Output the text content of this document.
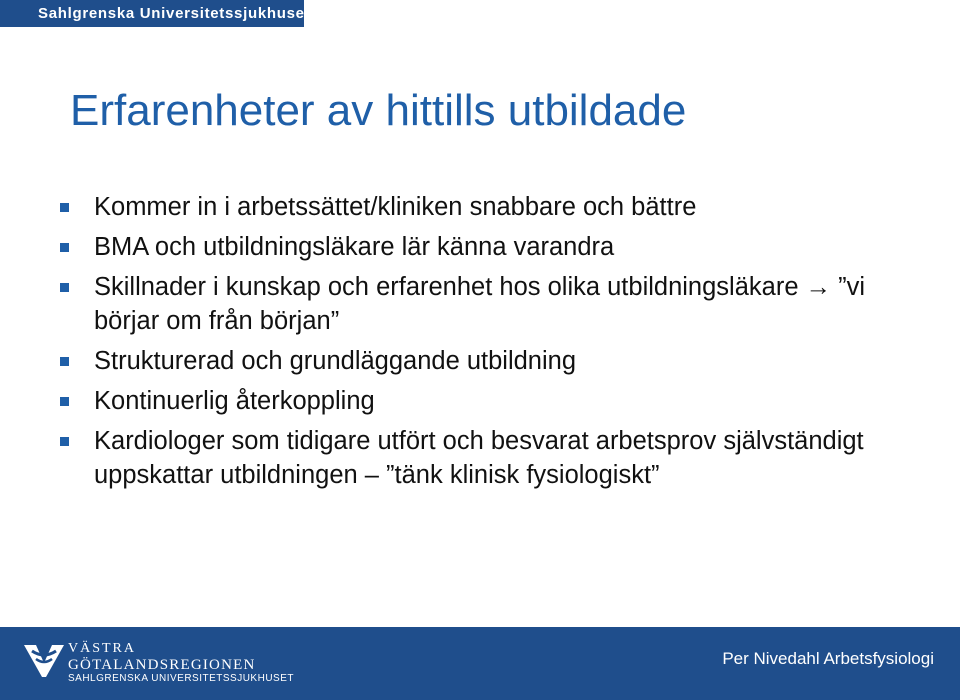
Sahlgrenska Universitetssjukhuset
Erfarenheter av hittills utbildade
Kommer in i arbetssättet/kliniken snabbare och bättre
BMA och utbildningsläkare lär känna varandra
Skillnader i kunskap och erfarenhet hos olika utbildningsläkare → ”vi börjar om från början”
Strukturerad och grundläggande utbildning
Kontinuerlig återkoppling
Kardiologer som tidigare utfört och besvarat arbetsprov självständigt uppskattar utbildningen – ”tänk klinisk fysiologiskt”
VÄSTRA
GÖTALANDSREGIONEN
SAHLGRENSKA UNIVERSITETSSJUKHUSET
Per Nivedahl Arbetsfysiologi
